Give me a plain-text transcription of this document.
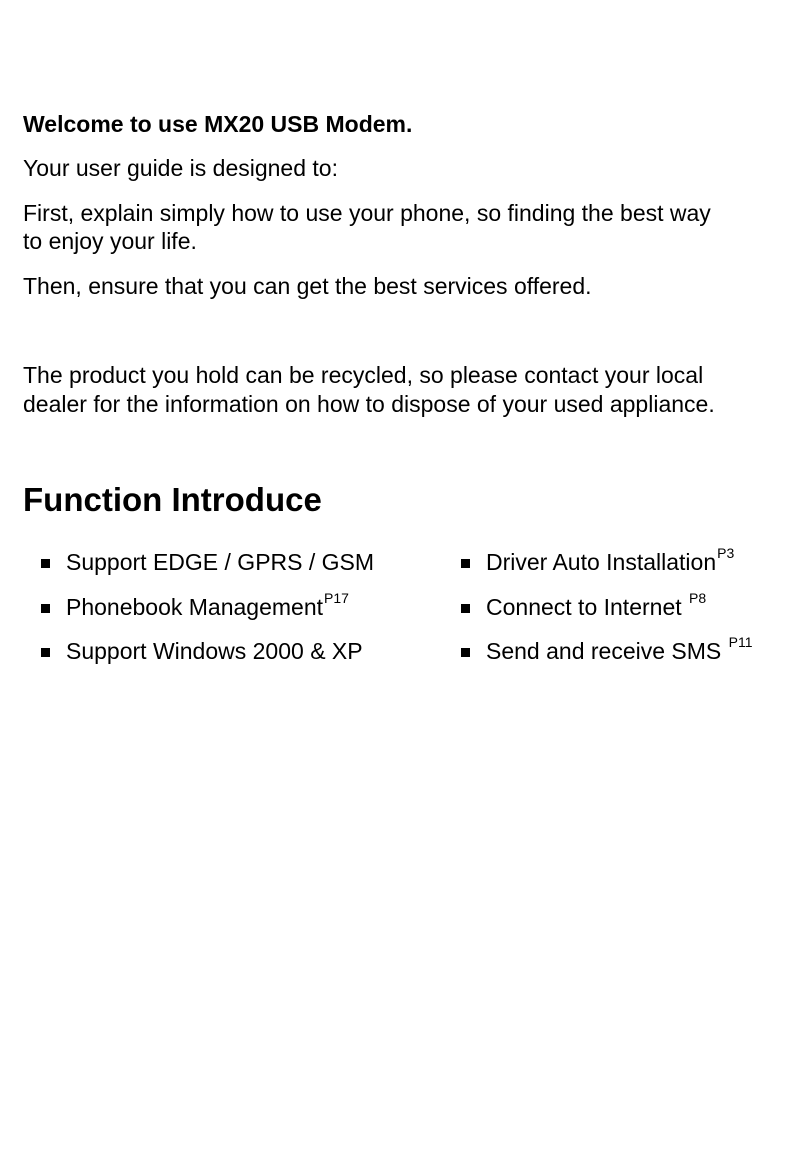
Welcome to use MX20 USB Modem.

Your user guide is designed to:

First, explain simply how to use your phone, so finding the best way

to enjoy your life.

Then, ensure that you can get the best services offered.

The product you hold can be recycled, so please contact your local

dealer for the information on how to dispose of your used appliance.

Function Introduce
Support EDGE / GPRS / GSM
Phonebook Management$^{P17}$
Support Windows 2000 & XP
Driver Auto Installation$^{P3}$
Connect to Internet $^{P8}$
Send and receive SMS $^{P11}$
